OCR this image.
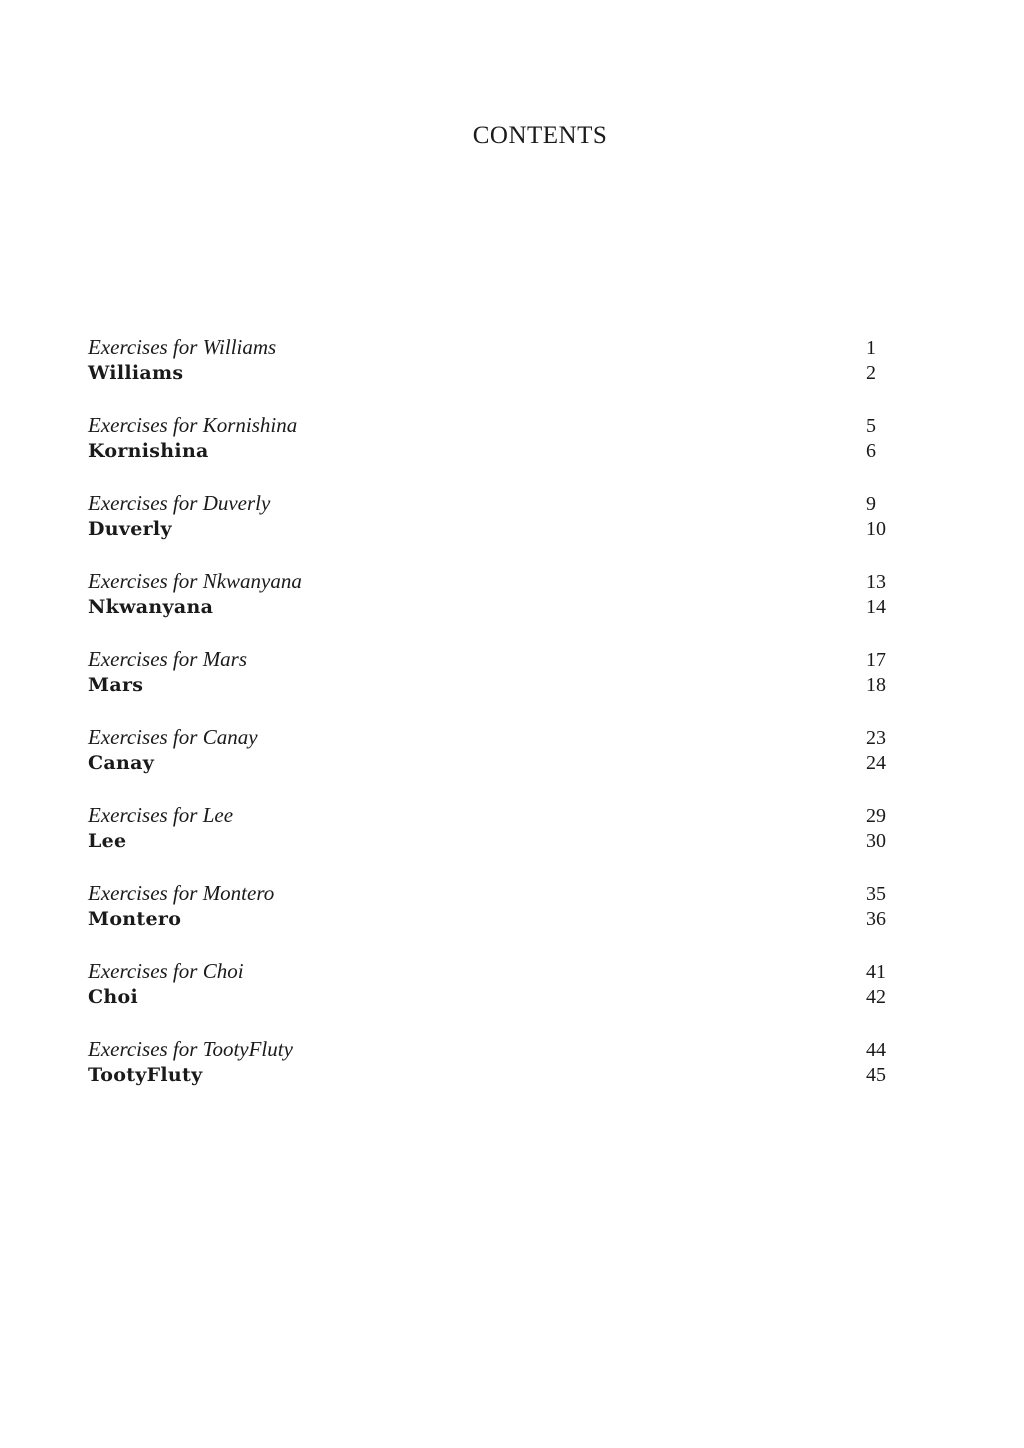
CONTENTS
Exercises for Williams	1
Williams	2
Exercises for Kornishina	5
Kornishina	6
Exercises for Duverly	9
Duverly	10
Exercises for Nkwanyana	13
Nkwanyana	14
Exercises for Mars	17
Mars	18
Exercises for Canay	23
Canay	24
Exercises for Lee	29
Lee	30
Exercises for Montero	35
Montero	36
Exercises for Choi	41
Choi	42
Exercises for TootyFluty	44
TootyFluty	45
